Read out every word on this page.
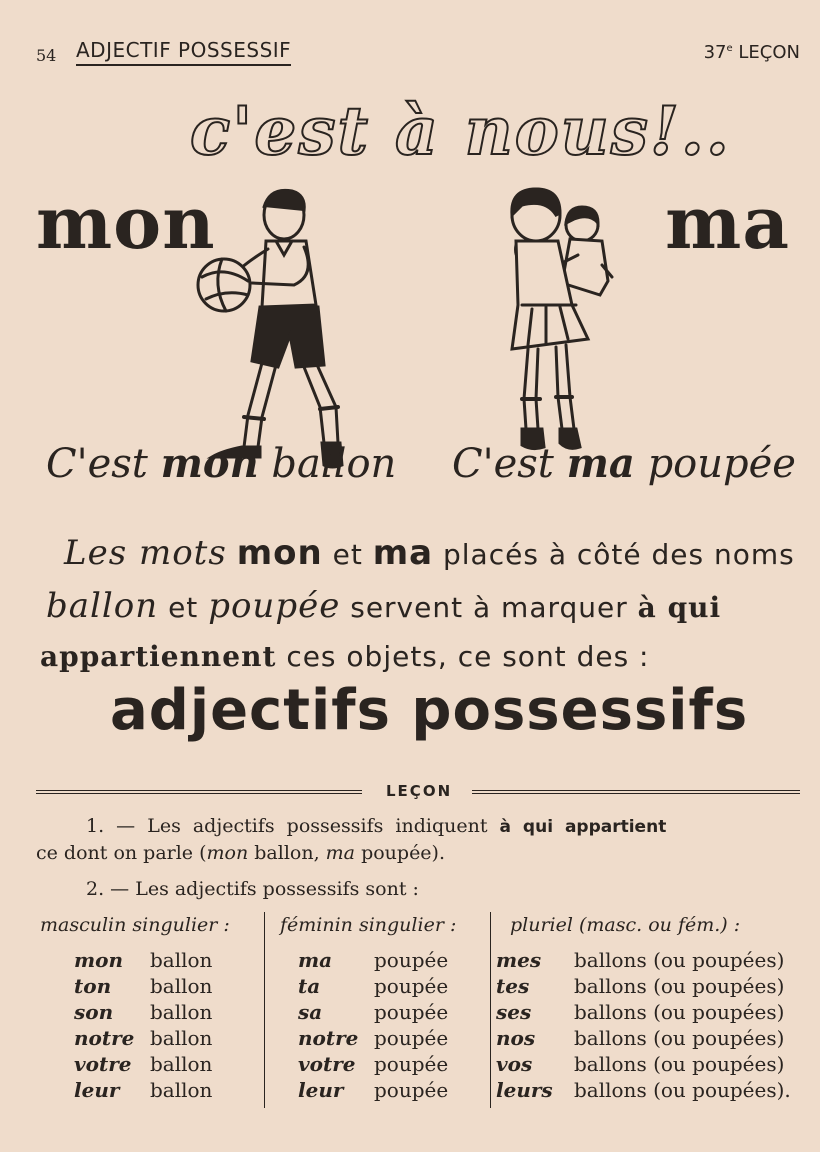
54 ADJECTIF POSSESSIF	37e LEÇON
c'est à nous!..
mon	ma
C'est mon ballon C'est ma poupée
Les mots mon et ma placés à côté des noms
ballon et poupée servent à marquer à qui
appartiennent ces objets, ce sont des :
adjectifs possessifs
LEÇON
1. — Les adjectifs possessifs indiquent à qui appartient
ce dont on parle (mon ballon, ma poupée).
2. — Les adjectifs possessifs sont :
masculin singulier :	féminin singulier :	pluriel (masc. ou fém.) :
mon	ballon
ton	ballon
son	ballon
notre	ballon
votre	ballon
leur	ballon
ma	poupée
ta	poupée
sa	poupée
notre	poupée
votre	poupée
leur	poupée
mes	ballons (ou poupées)
tes	ballons (ou poupées)
ses	ballons (ou poupées)
nos	ballons (ou poupées)
vos	ballons (ou poupées)
leurs	ballons (ou poupées).
